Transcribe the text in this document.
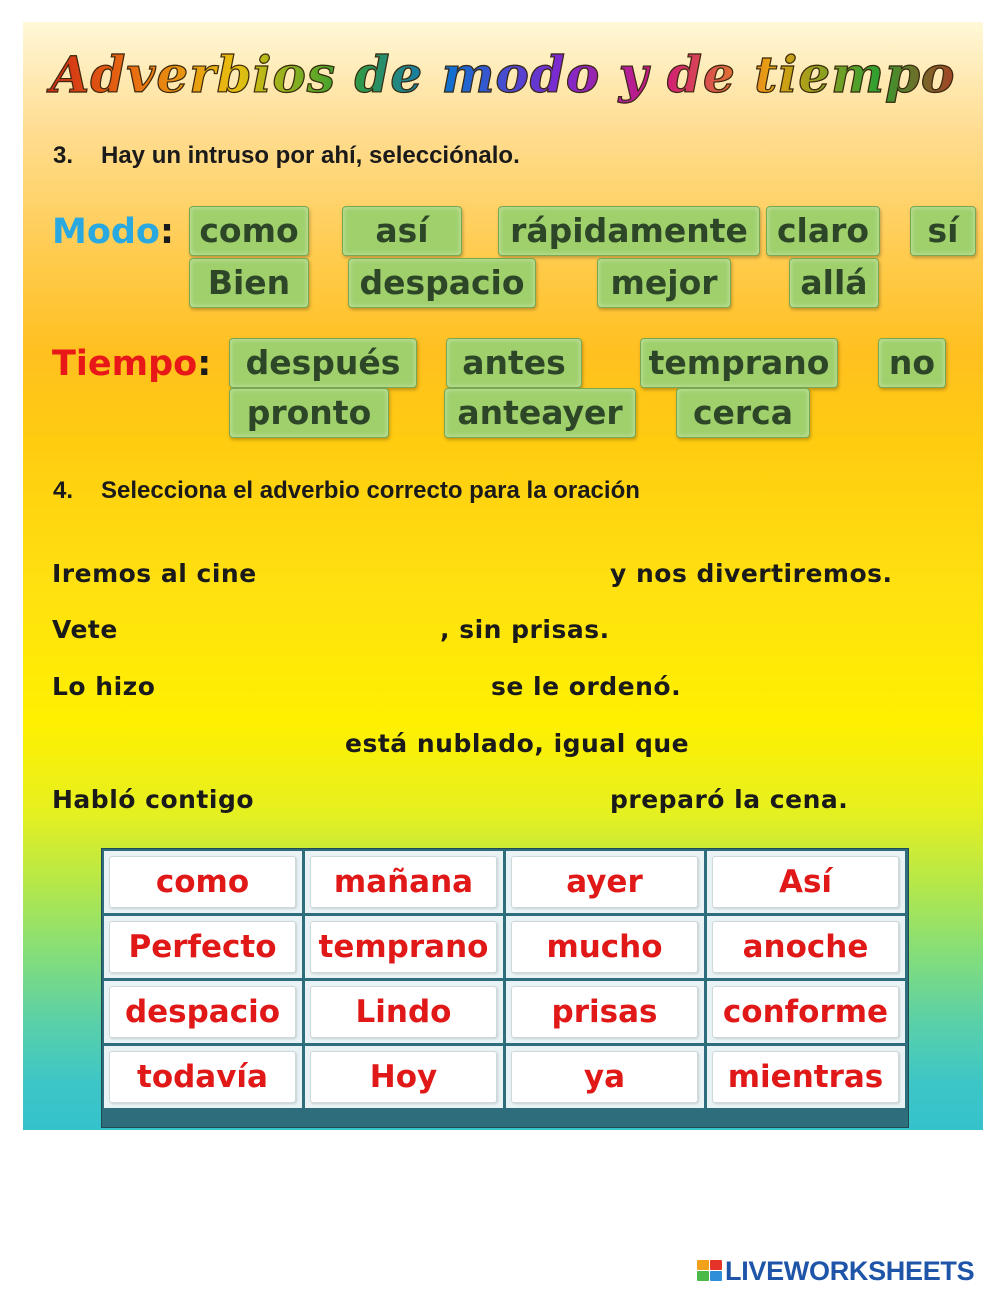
Adverbios de modo y de tiempo
3. Hay un intruso por ahí, selecciónalo.
Modo: como	así	rápidamente claro	sí
Bien	despacio	mejor	allá
Tiempo:	después	antes	temprano	no
pronto	anteayer	cerca
4. Selecciona el adverbio correcto para la oración
Iremos al cine	y nos divertiremos.
Vete	, sin prisas.
Lo hizo	se le ordenó.
está nublado, igual que
Habló contigo	preparó la cena.
como	mañana	ayer	Así
Perfecto	temprano	mucho	anoche
despacio	Lindo	prisas	conforme
todavía	Hoy	ya	mientras
LIVEWORKSHEETS
